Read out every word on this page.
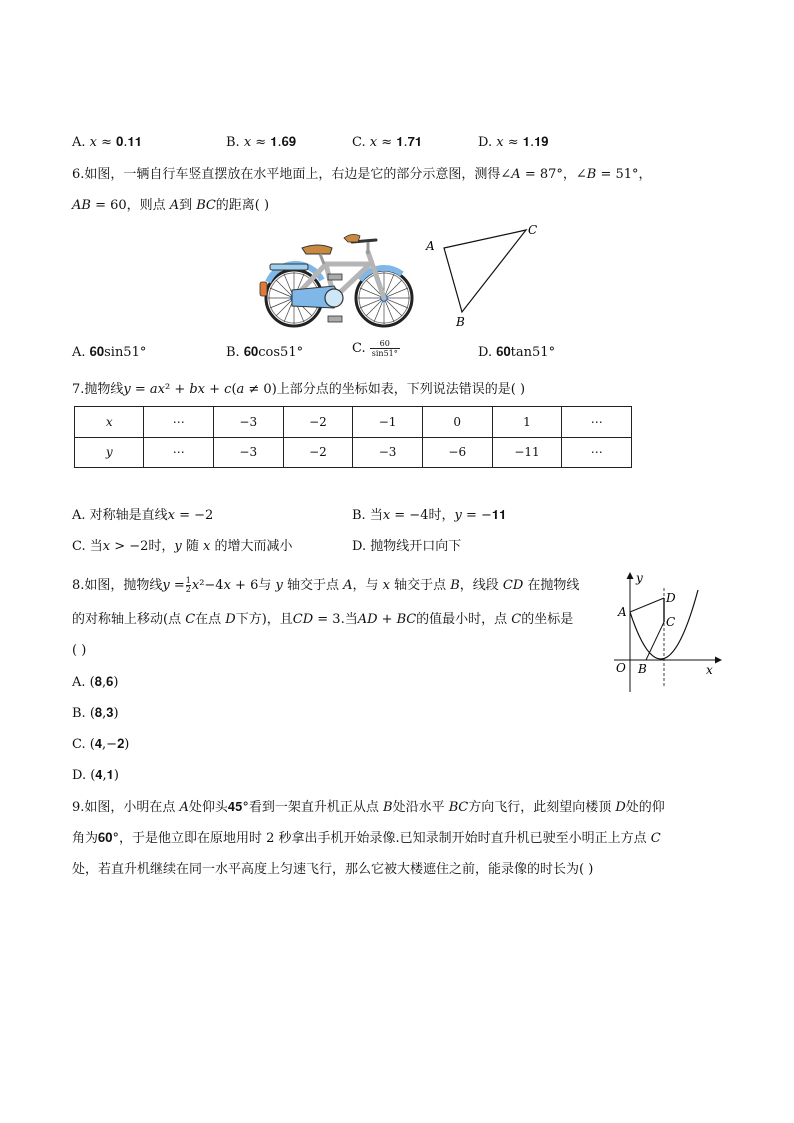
A. 𝑥 ≈ 𝟎.𝟏𝟏	B. 𝑥 ≈ 𝟏.𝟔𝟗	C. 𝑥 ≈ 𝟏.𝟕𝟏	D. 𝑥 ≈ 𝟏.𝟏𝟗
6.如图，一辆自行车竖直摆放在水平地面上，右边是它的部分示意图，测得∠𝐴 = 87°，∠𝐵 = 51°，
𝐴𝐵 = 60，则点 𝐴到 𝐵𝐶的距离( )
A
C
B
A. 𝟔𝟎sin51°	B. 𝟔𝟎cos51°	C. $\frac{60}{\sin 51^\circ}$	D. 𝟔𝟎tan51°
7.抛物线𝑦 = 𝑎𝑥² + 𝑏𝑥 + 𝑐(𝑎 ≠ 0)上部分点的坐标如表，下列说法错误的是( )
𝑥	⋯	−3	−2	−1	0	1	⋯
𝑦	⋯	−3	−2	−3	−6	−11	⋯
A. 对称轴是直线𝑥 = −2	B. 当𝑥 = −4时，𝑦 = −𝟏𝟏
C. 当𝑥 > −2时，𝑦 随 𝑥 的增大而减小	D. 抛物线开口向下
8.如图，抛物线𝑦 = $\frac{1}{2}𝑥^2-4𝑥 + 6$与 𝑦 轴交于点 𝐴，与 𝑥 轴交于点 𝐵，线段 𝐶𝐷 在抛物线
的对称轴上移动(点 𝐶在点 𝐷下方)，且𝐶𝐷 = 3.当𝐴𝐷 + 𝐵𝐶的值最小时，点 𝐶的坐标是
( )
A. (𝟖,𝟔)
B. (𝟖,𝟑)
C. (𝟒,−𝟐)
D. (𝟒,𝟏)
y
x
A
D
C
O B
9.如图，小明在点 𝐴处仰头𝟒𝟓°看到一架直升机正从点 𝐵处沿水平 𝐵𝐶方向飞行，此刻望向楼顶 𝐷处的仰
角为𝟔𝟎°，于是他立即在原地用时 2 秒拿出手机开始录像.已知录制开始时直升机已驶至小明正上方点 𝐶
处，若直升机继续在同一水平高度上匀速飞行，那么它被大楼遮住之前，能录像的时长为( )
